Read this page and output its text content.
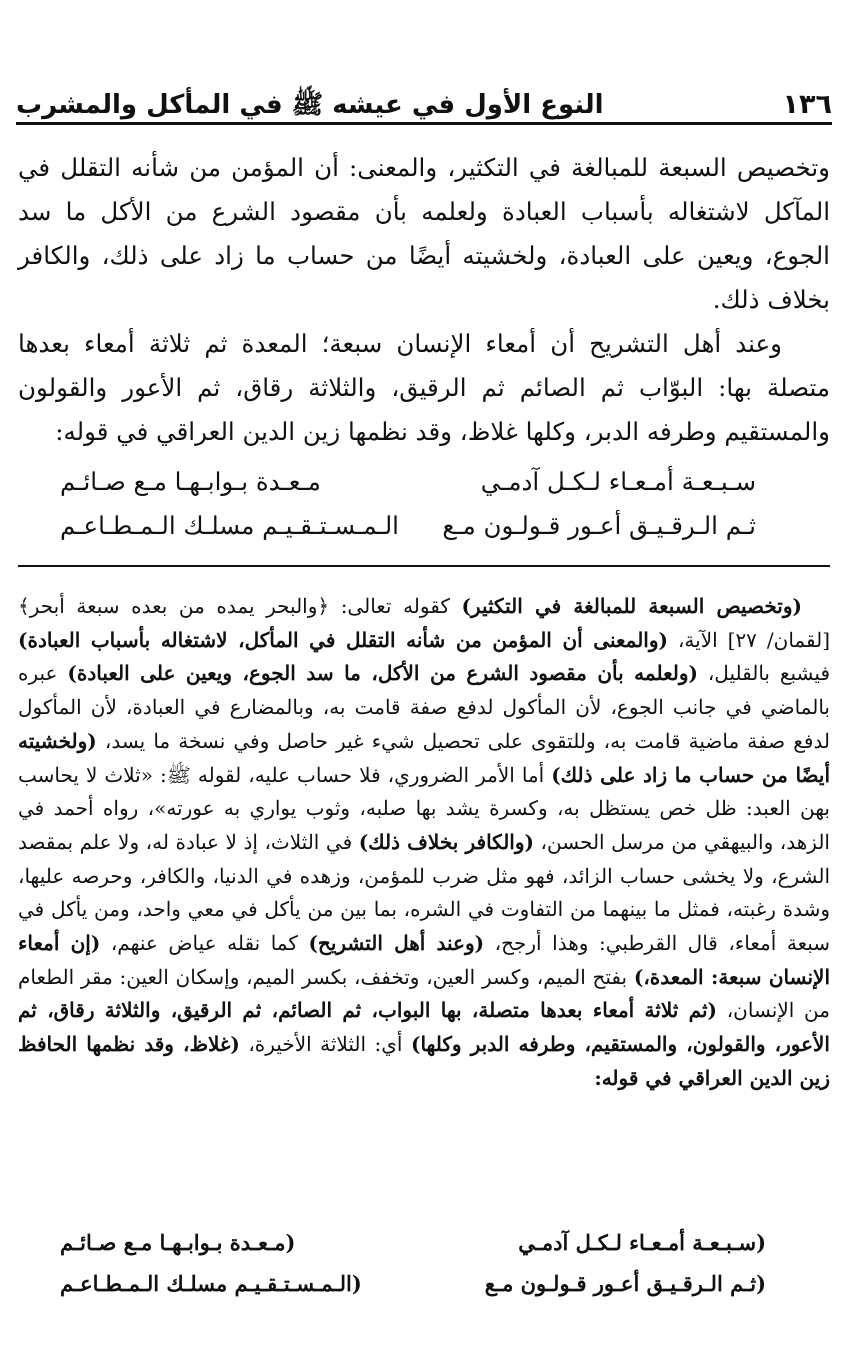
١٣٦
النوع الأول في عيشه ﷺ في المأكل والمشرب

وتخصيص السبعة للمبالغة في التكثير، والمعنى: أن المؤمن من شأنه التقلل في المآكل لاشتغاله بأسباب العبادة ولعلمه بأن مقصود الشرع من الأكل ما سد الجوع، ويعين على العبادة، ولخشيته أيضًا من حساب ما زاد على ذلك، والكافر بخلاف ذلك.

وعند أهل التشريح أن أمعاء الإنسان سبعة؛ المعدة ثم ثلاثة أمعاء بعدها متصلة بها: البوّاب ثم الصائم ثم الرقيق، والثلاثة رقاق، ثم الأعور والقولون والمستقيم وطرفه الدبر، وكلها غلاظ، وقد نظمها زين الدين العراقي في قوله:

سـبـعـة أمـعـاء لـكـل آدمـي
مـعـدة بـوابـهـا مـع صـائـم
ثـم الـرقـيـق أعـور قـولـون مـع
الـمـسـتـقـيـم مسلـك الـمـطـاعـم

(وتخصيص السبعة للمبالغة في التكثير) كقوله تعالى: ﴿والبحر يمده من بعده سبعة أبحر﴾ [لقمان/ ٢٧] الآية، (والمعنى أن المؤمن من شأنه التقلل في المأكل، لاشتغاله بأسباب العبادة) فيشبع بالقليل، (ولعلمه بأن مقصود الشرع من الأكل، ما سد الجوع، ويعين على العبادة) عبره بالماضي في جانب الجوع، لأن المأكول لدفع صفة قامت به، وبالمضارع في العبادة، لأن المأكول لدفع صفة ماضية قامت به، وللتقوى على تحصيل شيء غير حاصل وفي نسخة ما يسد، (ولخشيته أيضًا من حساب ما زاد على ذلك) أما الأمر الضروري، فلا حساب عليه، لقوله ﷺ: «ثلاث لا يحاسب بهن العبد: ظل خص يستظل به، وكسرة يشد بها صلبه، وثوب يواري به عورته»، رواه أحمد في الزهد، والبيهقي من مرسل الحسن، (والكافر بخلاف ذلك) في الثلاث، إذ لا عبادة له، ولا علم بمقصد الشرع، ولا يخشى حساب الزائد، فهو مثل ضرب للمؤمن، وزهده في الدنيا، والكافر، وحرصه عليها، وشدة رغبته، فمثل ما بينهما من التفاوت في الشره، بما بين من يأكل في معي واحد، ومن يأكل في سبعة أمعاء، قال القرطبي: وهذا أرجح، (وعند أهل التشريح) كما نقله عياض عنهم، (إن أمعاء الإنسان سبعة: المعدة،) بفتح الميم، وكسر العين، وتخفف، بكسر الميم، وإسكان العين: مقر الطعام من الإنسان، (ثم ثلاثة أمعاء بعدها متصلة، بها البواب، ثم الصائم، ثم الرقيق، والثلاثة رقاق، ثم الأعور، والقولون، والمستقيم، وطرفه الدبر وكلها) أي: الثلاثة الأخيرة، (غلاظ، وقد نظمها الحافظ زين الدين العراقي في قوله:

(سـبـعـة أمـعـاء لـكـل آدمـي
(مـعـدة بـوابـهـا مـع صـائـم
(ثـم الـرقـيـق أعـور قـولـون مـع
(الـمـسـتـقـيـم مسلـك الـمـطـاعـم
